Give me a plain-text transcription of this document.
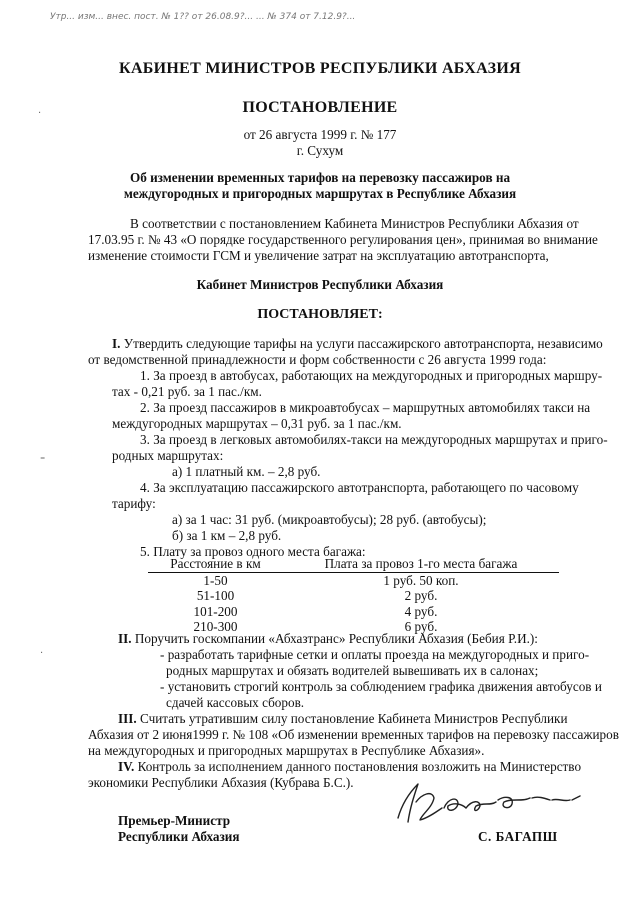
Утр... изм... внес. пост. № 1?? от 26.08.9?... ... № 374 от 7.12.9?...
·
⁼
·
КАБИНЕТ МИНИСТРОВ РЕСПУБЛИКИ АБХАЗИЯ
ПОСТАНОВЛЕНИЕ
от 26 августа 1999 г. № 177
г. Сухум
Об изменении временных тарифов на перевозку пассажиров на
междугородных и пригородных маршрутах в Республике Абхазия
В соответствии с постановлением Кабинета Министров Республики Абхазия от
17.03.95 г. № 43 «О порядке государственного регулирования цен», принимая во внимание
изменение стоимости ГСМ и увеличение затрат на эксплуатацию автотранспорта,
Кабинет Министров Республики Абхазия
ПОСТАНОВЛЯЕТ:
I. Утвердить следующие тарифы на услуги пассажирского автотранспорта, независимо
от ведомственной принадлежности и форм собственности с 26 августа 1999 года:
1. За проезд в автобусах, работающих на междугородных и пригородных маршру-
тах - 0,21 руб. за 1 пас./км.
2. За проезд пассажиров в микроавтобусах – маршрутных автомобилях такси на
междугородных маршрутах – 0,31 руб. за 1 пас./км.
3. За проезд в легковых автомобилях-такси на междугородных маршрутах и приго-
родных маршрутах:
а) 1 платный км. – 2,8 руб.
4. За эксплуатацию пассажирского автотранспорта, работающего по часовому
тарифу:
а) за 1 час: 31 руб. (микроавтобусы); 28 руб. (автобусы);
б) за 1 км – 2,8 руб.
5. Плату за провоз одного места багажа:
Расстояние в км	Плата за провоз 1-го места багажа
1-50	1 руб. 50 коп.
51-100	2 руб.
101-200	4 руб.
210-300	6 руб.
II. Поручить госкомпании «Абхазтранс» Республики Абхазия (Бебия Р.И.):
- разработать тарифные сетки и оплаты проезда на междугородных и приго-
родных маршрутах и обязать водителей вывешивать их в салонах;
- установить строгий контроль за соблюдением графика движения автобусов и
сдачей кассовых сборов.
III. Считать утратившим силу постановление Кабинета Министров Республики
Абхазия от 2 июня1999 г. № 108 «Об изменении временных тарифов на перевозку пассажиров
на междугородных и пригородных маршрутах в Республике Абхазия».
IV. Контроль за исполнением данного постановления возложить на Министерство
экономики Республики Абхазия (Кубрава Б.С.).
Премьер-Министр
Республики Абхазия	С. БАГАПШ
